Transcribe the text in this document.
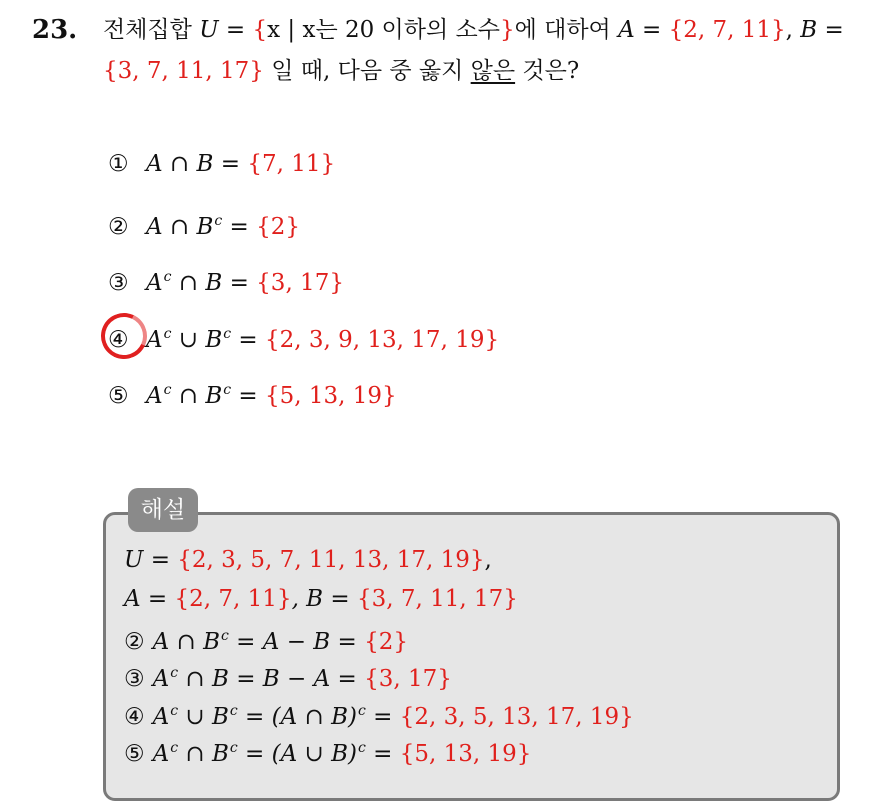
23. 전체집합 U = {x | x는 20 이하의 소수}에 대하여 A = {2, 7, 11}, B =
{3, 7, 11, 17} 일 때, 다음 중 옳지 않은 것은?
① A ∩ B = {7, 11}
② A ∩ $B^c = \{2\}$
③ $A^c$ ∩ B = {3, 17}
④ $A^c$ ∪ $B^c = \{2$, 3, 9, 13, 17, 19}
⑤ $A^c$ ∩ $B^c = \{5$, 13, 19}
해설
U = {2, 3, 5, 7, 11, 13, 17, 19},
A = {2, 7, 11}, B = {3, 7, 11, 17}
② A ∩ $B^c = A - B = \{2\}$
③ $A^c$ ∩ B = B − A = {3, 17}
④ $A^c$ ∪ $B^c = (A$ ∩ B)$^c$ = {2, 3, 5, 13, 17, 19}
⑤ $A^c$ ∩ $B^c = (A$ ∪ B)$^c$ = {5, 13, 19}
